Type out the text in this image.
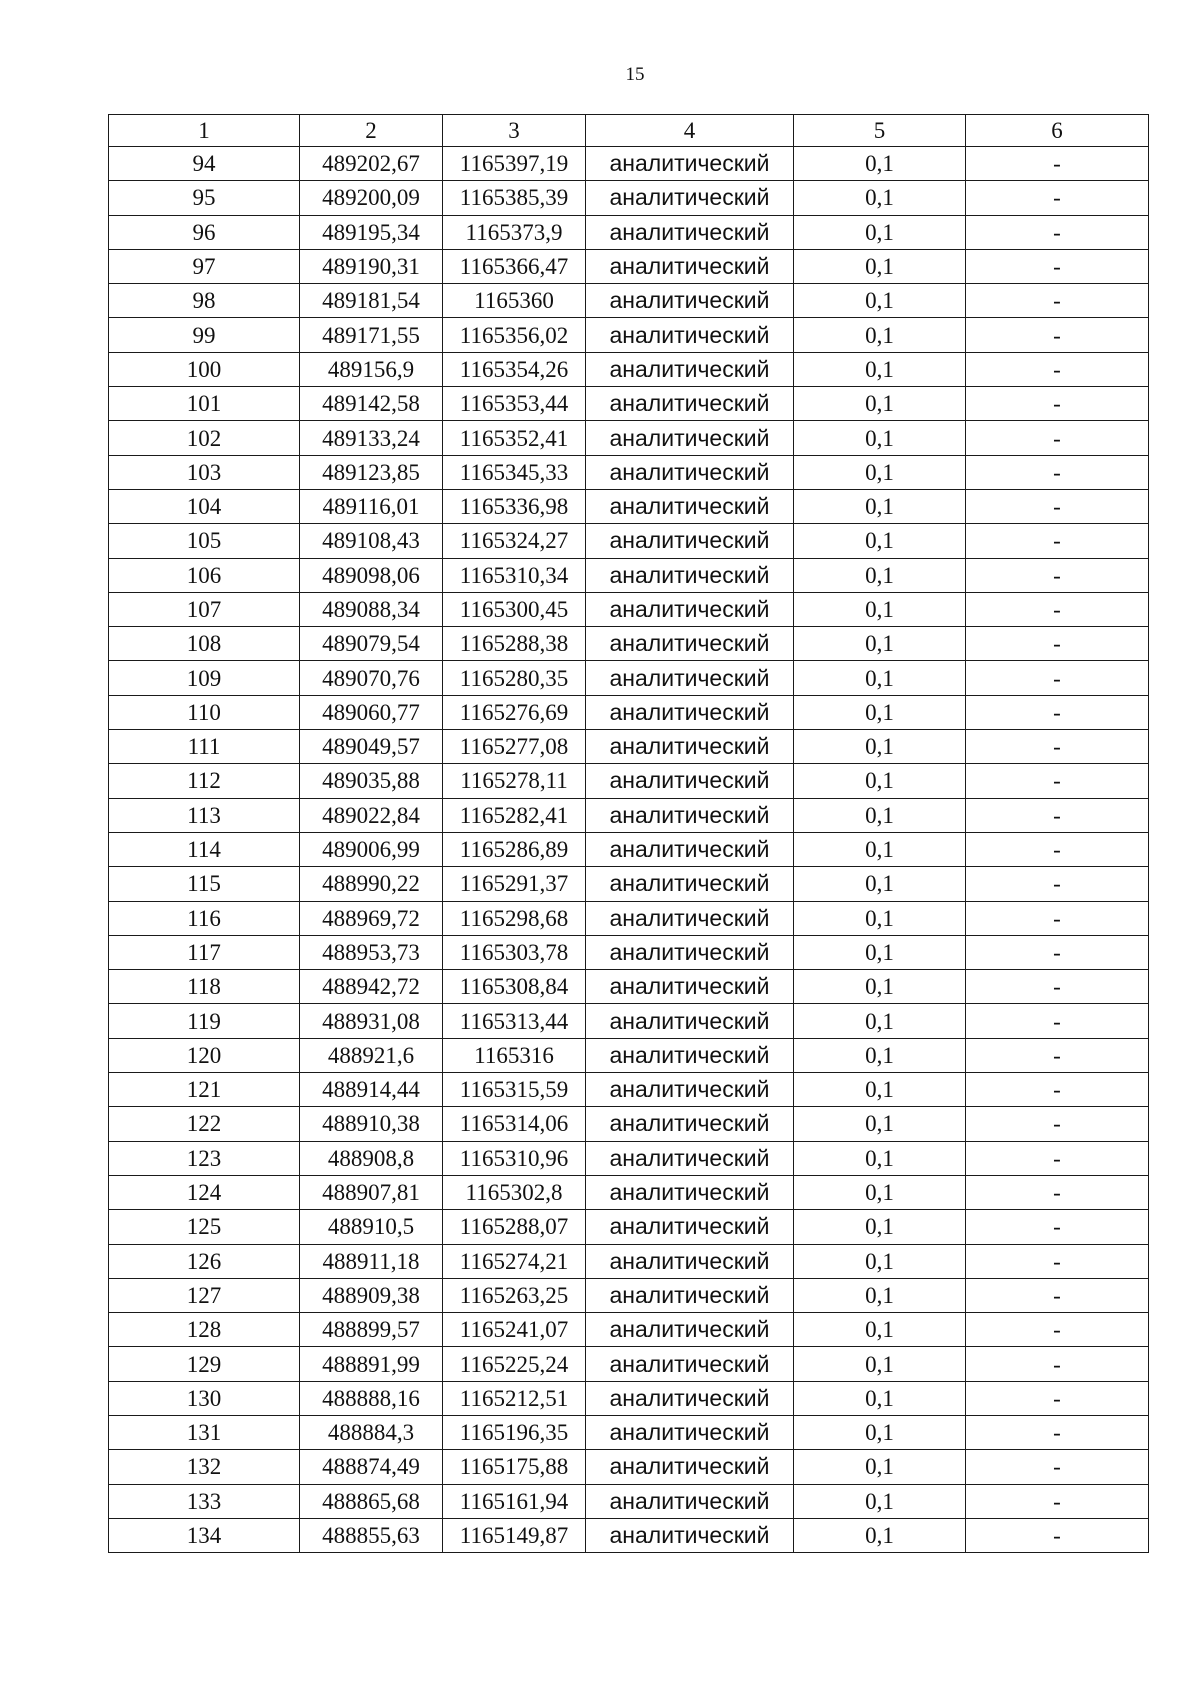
15
1	2	3	4	5	6
94	489202,67	1165397,19	аналитический	0,1	-
95	489200,09	1165385,39	аналитический	0,1	-
96	489195,34	1165373,9	аналитический	0,1	-
97	489190,31	1165366,47	аналитический	0,1	-
98	489181,54	1165360	аналитический	0,1	-
99	489171,55	1165356,02	аналитический	0,1	-
100	489156,9	1165354,26	аналитический	0,1	-
101	489142,58	1165353,44	аналитический	0,1	-
102	489133,24	1165352,41	аналитический	0,1	-
103	489123,85	1165345,33	аналитический	0,1	-
104	489116,01	1165336,98	аналитический	0,1	-
105	489108,43	1165324,27	аналитический	0,1	-
106	489098,06	1165310,34	аналитический	0,1	-
107	489088,34	1165300,45	аналитический	0,1	-
108	489079,54	1165288,38	аналитический	0,1	-
109	489070,76	1165280,35	аналитический	0,1	-
110	489060,77	1165276,69	аналитический	0,1	-
111	489049,57	1165277,08	аналитический	0,1	-
112	489035,88	1165278,11	аналитический	0,1	-
113	489022,84	1165282,41	аналитический	0,1	-
114	489006,99	1165286,89	аналитический	0,1	-
115	488990,22	1165291,37	аналитический	0,1	-
116	488969,72	1165298,68	аналитический	0,1	-
117	488953,73	1165303,78	аналитический	0,1	-
118	488942,72	1165308,84	аналитический	0,1	-
119	488931,08	1165313,44	аналитический	0,1	-
120	488921,6	1165316	аналитический	0,1	-
121	488914,44	1165315,59	аналитический	0,1	-
122	488910,38	1165314,06	аналитический	0,1	-
123	488908,8	1165310,96	аналитический	0,1	-
124	488907,81	1165302,8	аналитический	0,1	-
125	488910,5	1165288,07	аналитический	0,1	-
126	488911,18	1165274,21	аналитический	0,1	-
127	488909,38	1165263,25	аналитический	0,1	-
128	488899,57	1165241,07	аналитический	0,1	-
129	488891,99	1165225,24	аналитический	0,1	-
130	488888,16	1165212,51	аналитический	0,1	-
131	488884,3	1165196,35	аналитический	0,1	-
132	488874,49	1165175,88	аналитический	0,1	-
133	488865,68	1165161,94	аналитический	0,1	-
134	488855,63	1165149,87	аналитический	0,1	-
